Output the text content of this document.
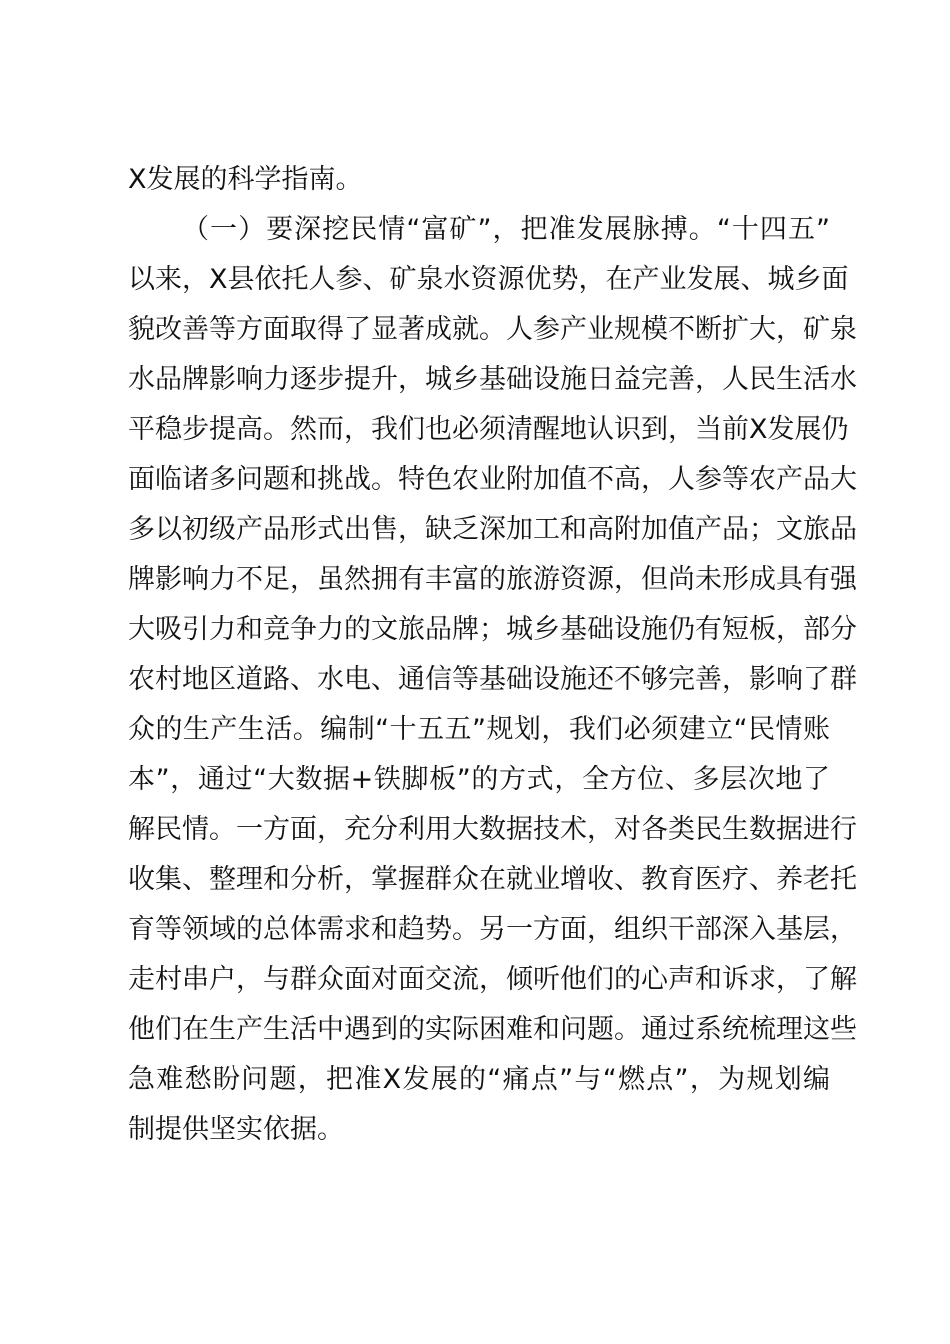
X发展的科学指南。
（一）要深挖民情“富矿”，把准发展脉搏。“十四五”
以来，X县依托人参、矿泉水资源优势，在产业发展、城乡面
貌改善等方面取得了显著成就。人参产业规模不断扩大，矿泉
水品牌影响力逐步提升，城乡基础设施日益完善，人民生活水
平稳步提高。然而，我们也必须清醒地认识到，当前X发展仍
面临诸多问题和挑战。特色农业附加值不高，人参等农产品大
多以初级产品形式出售，缺乏深加工和高附加值产品；文旅品
牌影响力不足，虽然拥有丰富的旅游资源，但尚未形成具有强
大吸引力和竞争力的文旅品牌；城乡基础设施仍有短板，部分
农村地区道路、水电、通信等基础设施还不够完善，影响了群
众的生产生活。编制“十五五”规划，我们必须建立“民情账
本”，通过“大数据+铁脚板”的方式，全方位、多层次地了
解民情。一方面，充分利用大数据技术，对各类民生数据进行
收集、整理和分析，掌握群众在就业增收、教育医疗、养老托
育等领域的总体需求和趋势。另一方面，组织干部深入基层，
走村串户，与群众面对面交流，倾听他们的心声和诉求，了解
他们在生产生活中遇到的实际困难和问题。通过系统梳理这些
急难愁盼问题，把准X发展的“痛点”与“燃点”，为规划编
制提供坚实依据。
